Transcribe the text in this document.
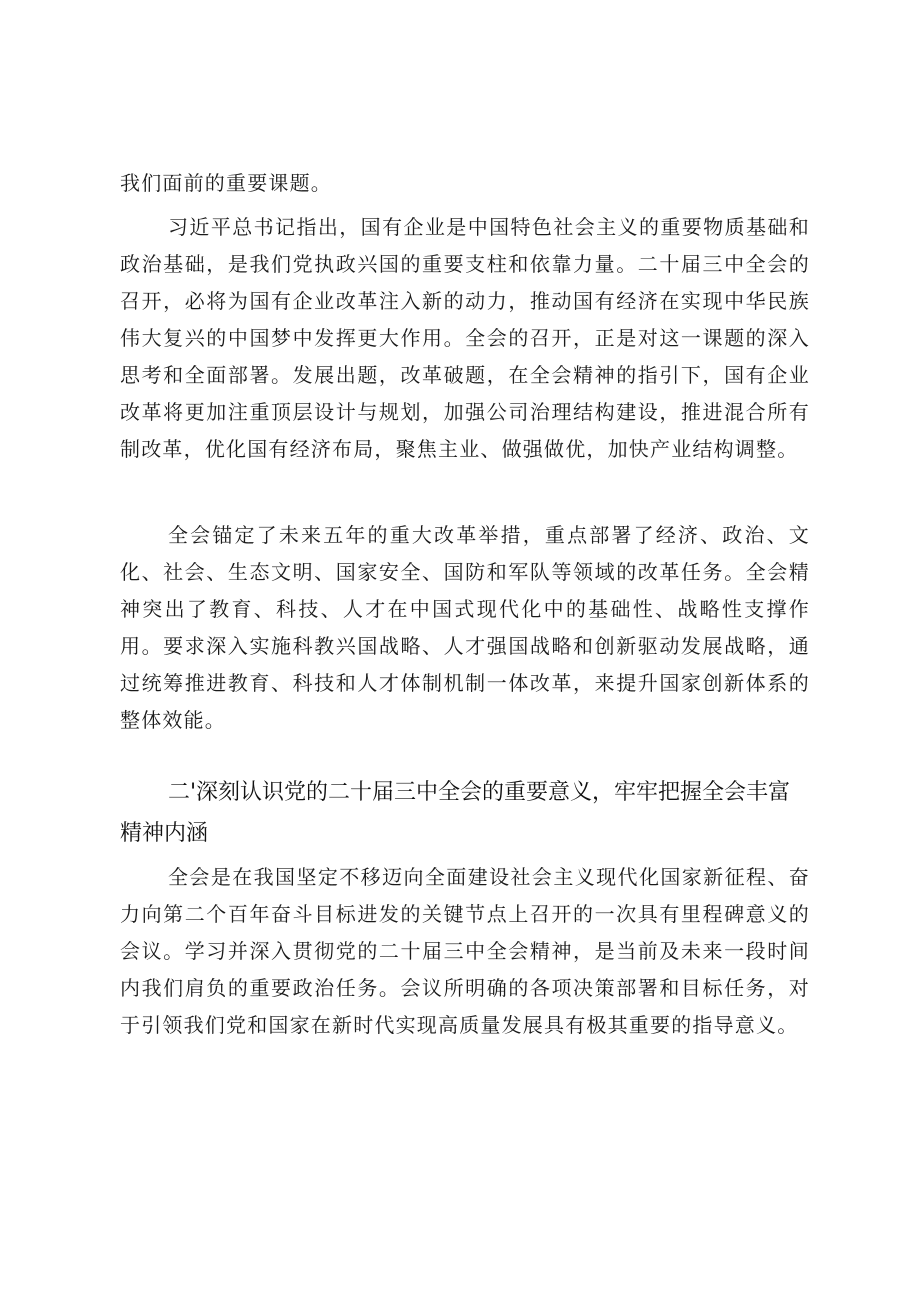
我们面前的重要课题。

习近平总书记指出，国有企业是中国特色社会主义的重要物质基础和政治基础，是我们党执政兴国的重要支柱和依靠力量。二十届三中全会的召开，必将为国有企业改革注入新的动力，推动国有经济在实现中华民族伟大复兴的中国梦中发挥更大作用。全会的召开，正是对这一课题的深入思考和全面部署。发展出题，改革破题，在全会精神的指引下，国有企业改革将更加注重顶层设计与规划，加强公司治理结构建设，推进混合所有制改革，优化国有经济布局，聚焦主业、做强做优，加快产业结构调整。

全会锚定了未来五年的重大改革举措，重点部署了经济、政治、文化、社会、生态文明、国家安全、国防和军队等领域的改革任务。全会精神突出了教育、科技、人才在中国式现代化中的基础性、战略性支撑作用。要求深入实施科教兴国战略、人才强国战略和创新驱动发展战略，通过统筹推进教育、科技和人才体制机制一体改革，来提升国家创新体系的整体效能。

二'深刻认识党的二十届三中全会的重要意义，牢牢把握全会丰富精神内涵

全会是在我国坚定不移迈向全面建设社会主义现代化国家新征程、奋力向第二个百年奋斗目标进发的关键节点上召开的一次具有里程碑意义的会议。学习并深入贯彻党的二十届三中全会精神，是当前及未来一段时间内我们肩负的重要政治任务。会议所明确的各项决策部署和目标任务，对于引领我们党和国家在新时代实现高质量发展具有极其重要的指导意义。
